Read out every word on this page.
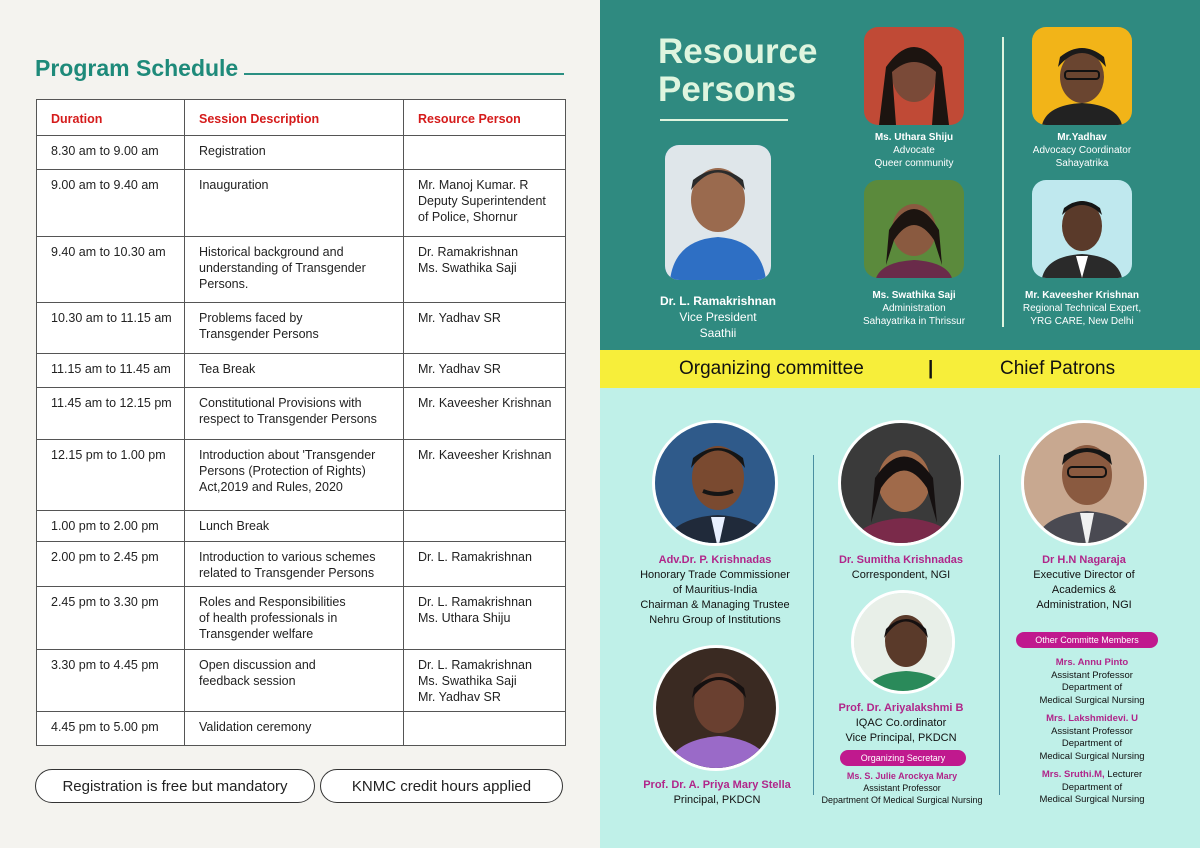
Program Schedule
Duration	Session Description	Resource Person
8.30 am to 9.00 am	Registration	
9.00 am to 9.40 am	Inauguration	Mr. Manoj Kumar. R
Deputy Superintendent
of Police, Shornur
9.40 am to 10.30 am	Historical background and
understanding of Transgender
Persons.	Dr. Ramakrishnan
Ms. Swathika Saji
10.30 am to 11.15 am	Problems faced by
Transgender Persons	Mr. Yadhav SR
11.15 am to 11.45 am	Tea Break	Mr. Yadhav SR
11.45 am to 12.15 pm	Constitutional Provisions with
respect to Transgender Persons	Mr. Kaveesher Krishnan
12.15 pm to 1.00 pm	Introduction about 'Transgender
Persons (Protection of Rights)
Act,2019 and Rules, 2020	Mr. Kaveesher Krishnan
1.00 pm to 2.00 pm	Lunch Break	
2.00 pm to 2.45 pm	Introduction to various schemes
related to Transgender Persons	Dr. L. Ramakrishnan
2.45 pm to 3.30 pm	Roles and Responsibilities
of health professionals in
Transgender welfare	Dr. L. Ramakrishnan
Ms. Uthara Shiju
3.30 pm to 4.45 pm	Open discussion and
feedback session	Dr. L. Ramakrishnan
Ms. Swathika Saji
Mr. Yadhav SR
4.45 pm to 5.00 pm	Validation ceremony	
Registration is free but mandatory	KNMC credit hours applied
Resource
Persons
Dr. L. Ramakrishnan
Vice President
Saathii
Ms. Uthara Shiju
Advocate
Queer community
Mr.Yadhav
Advocacy Coordinator
Sahayatrika
Ms. Swathika Saji
Administration
Sahayatrika in Thrissur
Mr. Kaveesher Krishnan
Regional Technical Expert,
YRG CARE, New Delhi
Organizing committee	|	Chief Patrons
Adv.Dr. P. Krishnadas
Honorary Trade Commissioner
of Mauritius-India
Chairman & Managing Trustee
Nehru Group of Institutions
Dr. Sumitha Krishnadas
Correspondent, NGI
Dr H.N Nagaraja
Executive Director of
Academics &
Administration, NGI
Prof. Dr. Ariyalakshmi B
IQAC Co.ordinator
Vice Principal, PKDCN
Organizing Secretary
Ms. S. Julie Arockya Mary
Assistant Professor
Department Of Medical Surgical Nursing
Prof. Dr. A. Priya Mary Stella
Principal, PKDCN
Other Committe Members
Mrs. Annu Pinto
Assistant Professor
Department of
Medical Surgical Nursing
Mrs. Lakshmidevi. U
Assistant Professor
Department of
Medical Surgical Nursing
Mrs. Sruthi.M, Lecturer
Department of
Medical Surgical Nursing
